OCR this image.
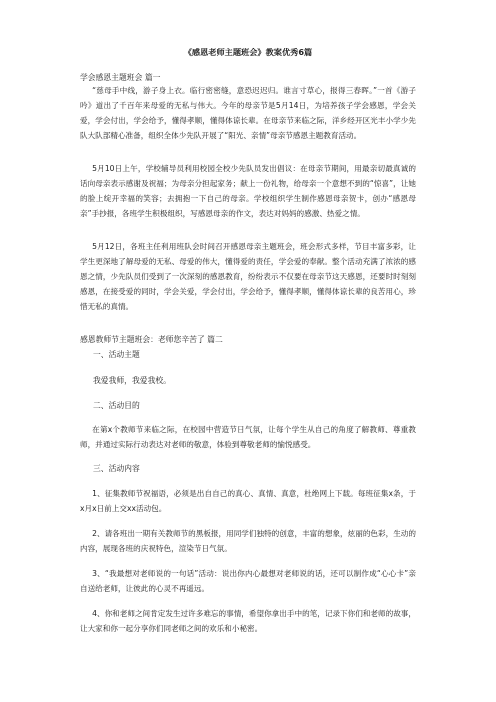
《感恩老师主题班会》教案优秀6篇
学会感恩主题班会 篇一

“慈母手中线，游子身上衣。临行密密缝，意恐迟迟归。谁言寸草心，报得三春晖。”一首《游子吟》道出了千百年来母爱的无私与伟大。今年的母亲节是5月14日，为培养孩子学会感恩，学会关爱，学会付出，学会给予，懂得孝顺，懂得体谅长辈。在母亲节来临之际，洋乡经开区光丰小学少先队大队部精心准备，组织全体少先队开展了“阳光、亲情”母亲节感恩主题教育活动。

5月10日上午，学校辅导员利用校园全校少先队员发出倡议：在母亲节期间，用最亲切最真诚的话向母亲表示感谢及祝福；为母亲分担起家务；献上一份礼物，给母亲一个意想不到的“惊喜”，让她的脸上绽开幸福的笑容；去拥抱一下自己的母亲。学校组织学生制作感恩母亲贺卡，创办“感恩母亲”手抄报，各班学生积极组织，写感恩母亲的作文，表达对妈妈的感激、热爱之情。

5月12日，各班主任利用班队会时间召开感恩母亲主题班会，班会形式多样，节目丰富多彩，让学生更深地了解母爱的无私、母爱的伟大，懂得爱的责任，学会爱的奉献。整个活动充满了浓浓的感恩之情，少先队员们受到了一次深刻的感恩教育，纷纷表示不仅要在母亲节这天感恩，还要时时刻刻感恩，在接受爱的同时，学会关爱，学会付出，学会给予，懂得孝顺，懂得体谅长辈的良苦用心，珍惜无私的真情。

感恩教师节主题班会：老师您辛苦了 篇二
一、活动主题
我爱我师，我爱我校。
二、活动目的

在第x个教师节来临之际，在校园中营造节日气氛，让每个学生从自己的角度了解教师、尊重教师，并通过实际行动表达对老师的敬意，体验到尊敬老师的愉悦感受。

三、活动内容

1、征集教师节祝福语，必须是出自自己的真心、真情、真意，杜绝网上下载。每班征集x条，于x月x日前上交xx活动包。

2、请各班出一期有关教师节的黑板报，用同学们独特的创意，丰富的想象，炫丽的色彩，生动的内容，展现各班的庆祝特色，渲染节日气氛。

3、“我最想对老师说的一句话”活动：说出你内心最想对老师说的话，还可以制作成“心心卡”亲自送给老师，让彼此的心灵不再遥远。

4、你和老师之间肯定发生过许多难忘的事情，希望你拿出手中的笔，记录下你们和老师的故事，让大家和你一起分享你们同老师之间的欢乐和小秘密。
